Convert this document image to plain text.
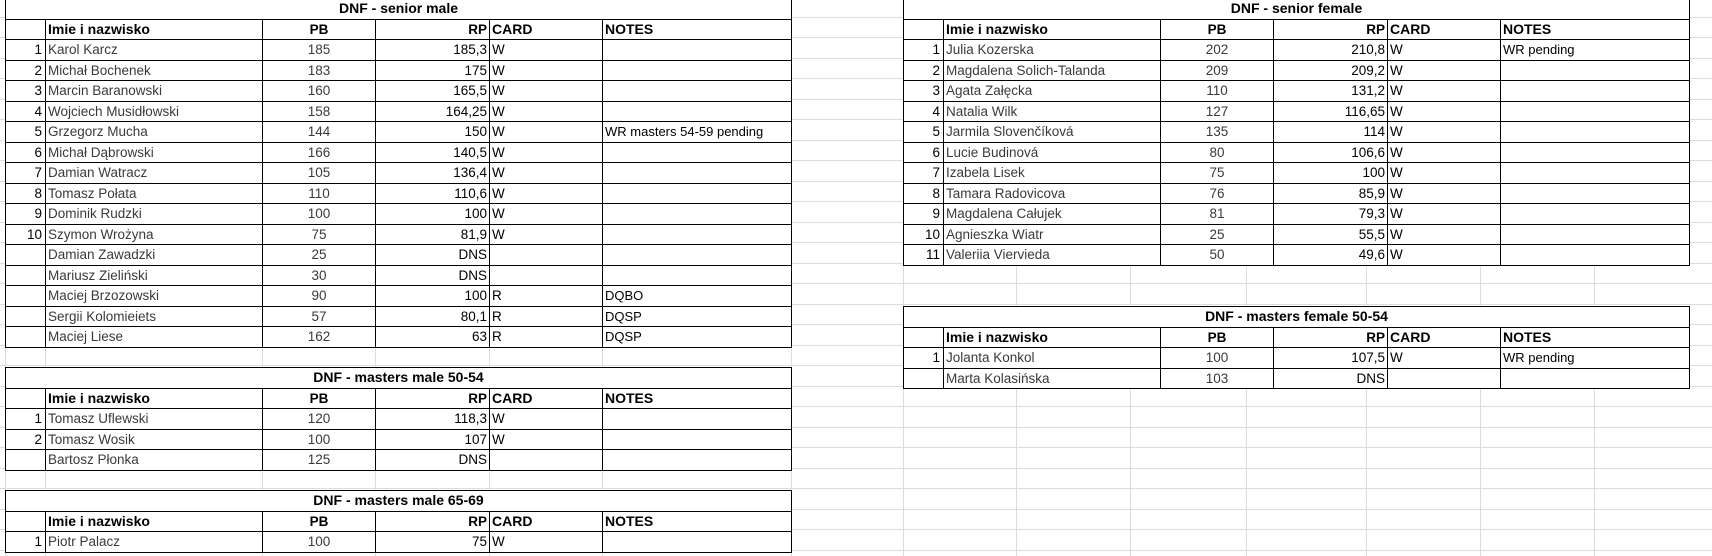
DNF - senior male					
	Imie i nazwisko	PB	RP	CARD	NOTES
1	Karol Karcz	185	185,3	W	
2	Michał Bochenek	183	175	W	
3	Marcin Baranowski	160	165,5	W	
4	Wojciech Musidłowski	158	164,25	W	
5	Grzegorz Mucha	144	150	W	WR masters 54-59 pending
6	Michał Dąbrowski	166	140,5	W	
7	Damian Watracz	105	136,4	W	
8	Tomasz Połata	110	110,6	W	
9	Dominik Rudzki	100	100	W	
10	Szymon Wrożyna	75	81,9	W	
	Damian Zawadzki	25	DNS		
	Mariusz Zieliński	30	DNS		
	Maciej Brzozowski	90	100	R	DQBO
	Sergii Kolomieiets	57	80,1	R	DQSP
	Maciej Liese	162	63	R	DQSP
DNF - masters male 50-54					
	Imie i nazwisko	PB	RP	CARD	NOTES
1	Tomasz Uflewski	120	118,3	W	
2	Tomasz Wosik	100	107	W	
	Bartosz Płonka	125	DNS		
DNF - masters male 65-69					
	Imie i nazwisko	PB	RP	CARD	NOTES
1	Piotr Palacz	100	75	W	
DNF - senior female					
	Imie i nazwisko	PB	RP	CARD	NOTES
1	Julia Kozerska	202	210,8	W	WR pending
2	Magdalena Solich-Talanda	209	209,2	W	
3	Agata Załęcka	110	131,2	W	
4	Natalia Wilk	127	116,65	W	
5	Jarmila Slovenčíková	135	114	W	
6	Lucie Budinová	80	106,6	W	
7	Izabela Lisek	75	100	W	
8	Tamara Radovicova	76	85,9	W	
9	Magdalena Całujek	81	79,3	W	
10	Agnieszka Wiatr	25	55,5	W	
11	Valeriia Viervieda	50	49,6	W	
DNF - masters female 50-54					
	Imie i nazwisko	PB	RP	CARD	NOTES
1	Jolanta Konkol	100	107,5	W	WR pending
	Marta Kolasińska	103	DNS		
